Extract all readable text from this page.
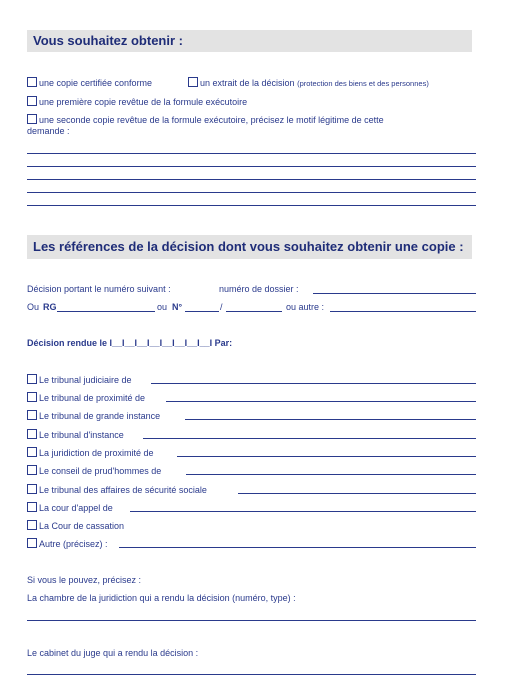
Vous souhaitez obtenir :
une copie certifiée conforme	un extrait de la décision (protection des biens et des personnes)
une première copie revêtue de la formule exécutoire
une seconde copie revêtue de la formule exécutoire, précisez le motif légitime de cette
demande :
Les références de la décision dont vous souhaitez obtenir une copie :
Décision portant le numéro suivant :	numéro de dossier :
Ou RG	ou N°	/	ou autre :
Décision rendue le I__I__I__I__I__I__I__I__I Par:
Le tribunal judiciaire de
Le tribunal de proximité de
Le tribunal de grande instance
Le tribunal d'instance
La juridiction de proximité de
Le conseil de prud'hommes de
Le tribunal des affaires de sécurité sociale
La cour d'appel de
La Cour de cassation
Autre (précisez) :
Si vous le pouvez, précisez :
La chambre de la juridiction qui a rendu la décision (numéro, type) :
Le cabinet du juge qui a rendu la décision :
